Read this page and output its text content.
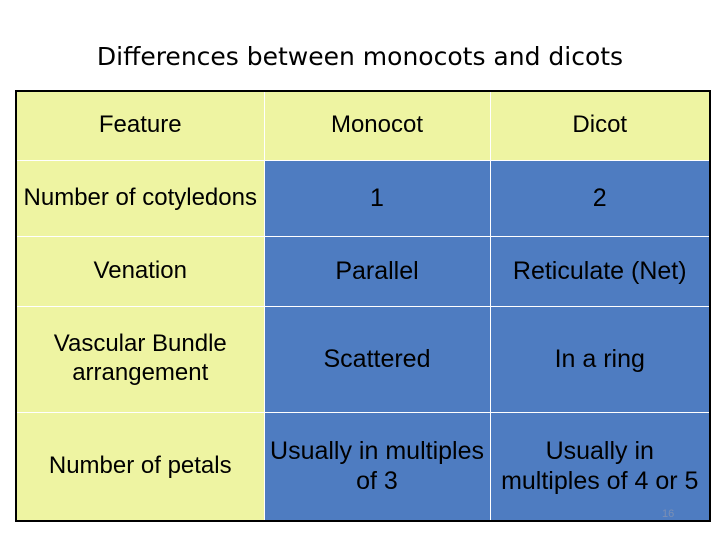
Differences between monocots and dicots
Feature	Monocot	Dicot
Number of cotyledons	1	2
Venation	Parallel	Reticulate (Net)
Vascular Bundle arrangement	Scattered	In a ring
Number of petals	Usually in multiples of 3	Usually in multiples of 4 or 5
16
